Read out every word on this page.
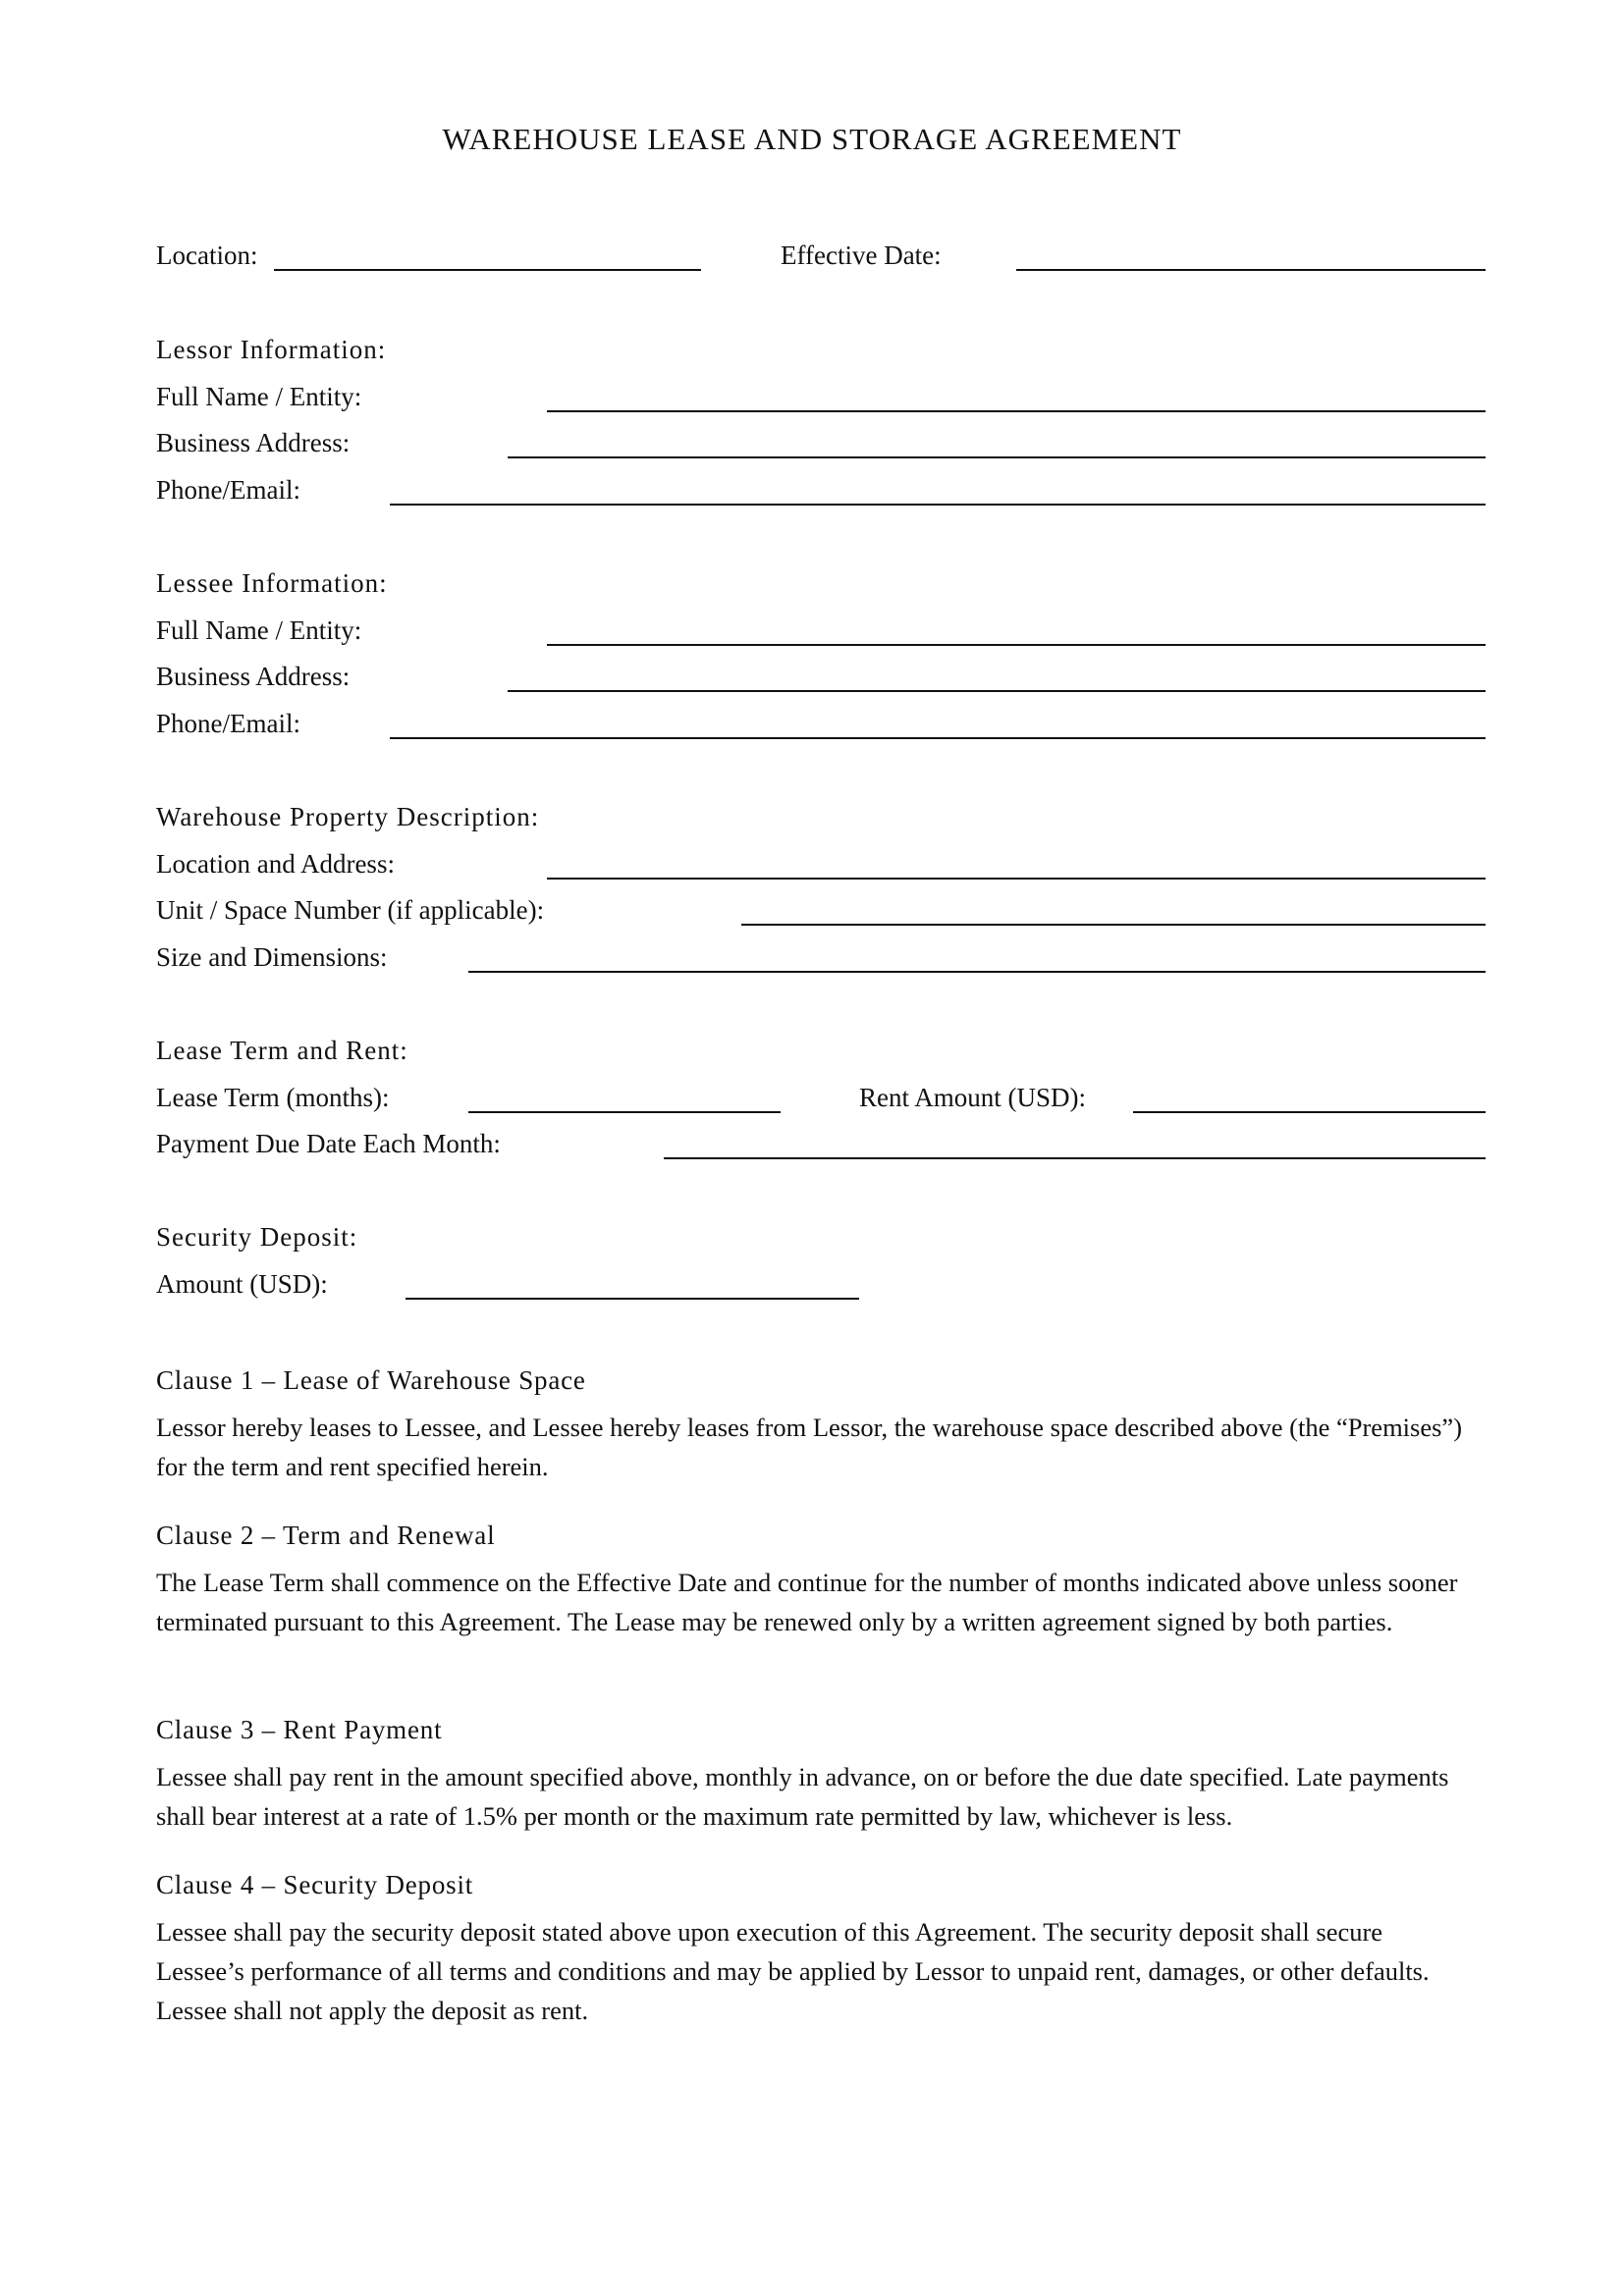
WAREHOUSE LEASE AND STORAGE AGREEMENT
Location:	Effective Date:
Lessor Information:
Full Name / Entity:
Business Address:
Phone/Email:
Lessee Information:
Full Name / Entity:
Business Address:
Phone/Email:
Warehouse Property Description:
Location and Address:
Unit / Space Number (if applicable):
Size and Dimensions:
Lease Term and Rent:
Lease Term (months):	Rent Amount (USD):
Payment Due Date Each Month:
Security Deposit:
Amount (USD):
Clause 1 – Lease of Warehouse Space
Lessor hereby leases to Lessee, and Lessee hereby leases from Lessor, the warehouse space described above (the “Premises”) for the term and rent specified herein.
Clause 2 – Term and Renewal
The Lease Term shall commence on the Effective Date and continue for the number of months indicated above unless sooner terminated pursuant to this Agreement. The Lease may be renewed only by a written agreement signed by both parties.
Clause 3 – Rent Payment
Lessee shall pay rent in the amount specified above, monthly in advance, on or before the due date specified. Late payments shall bear interest at a rate of 1.5% per month or the maximum rate permitted by law, whichever is less.
Clause 4 – Security Deposit
Lessee shall pay the security deposit stated above upon execution of this Agreement. The security deposit shall secure Lessee’s performance of all terms and conditions and may be applied by Lessor to unpaid rent, damages, or other defaults. Lessee shall not apply the deposit as rent.
